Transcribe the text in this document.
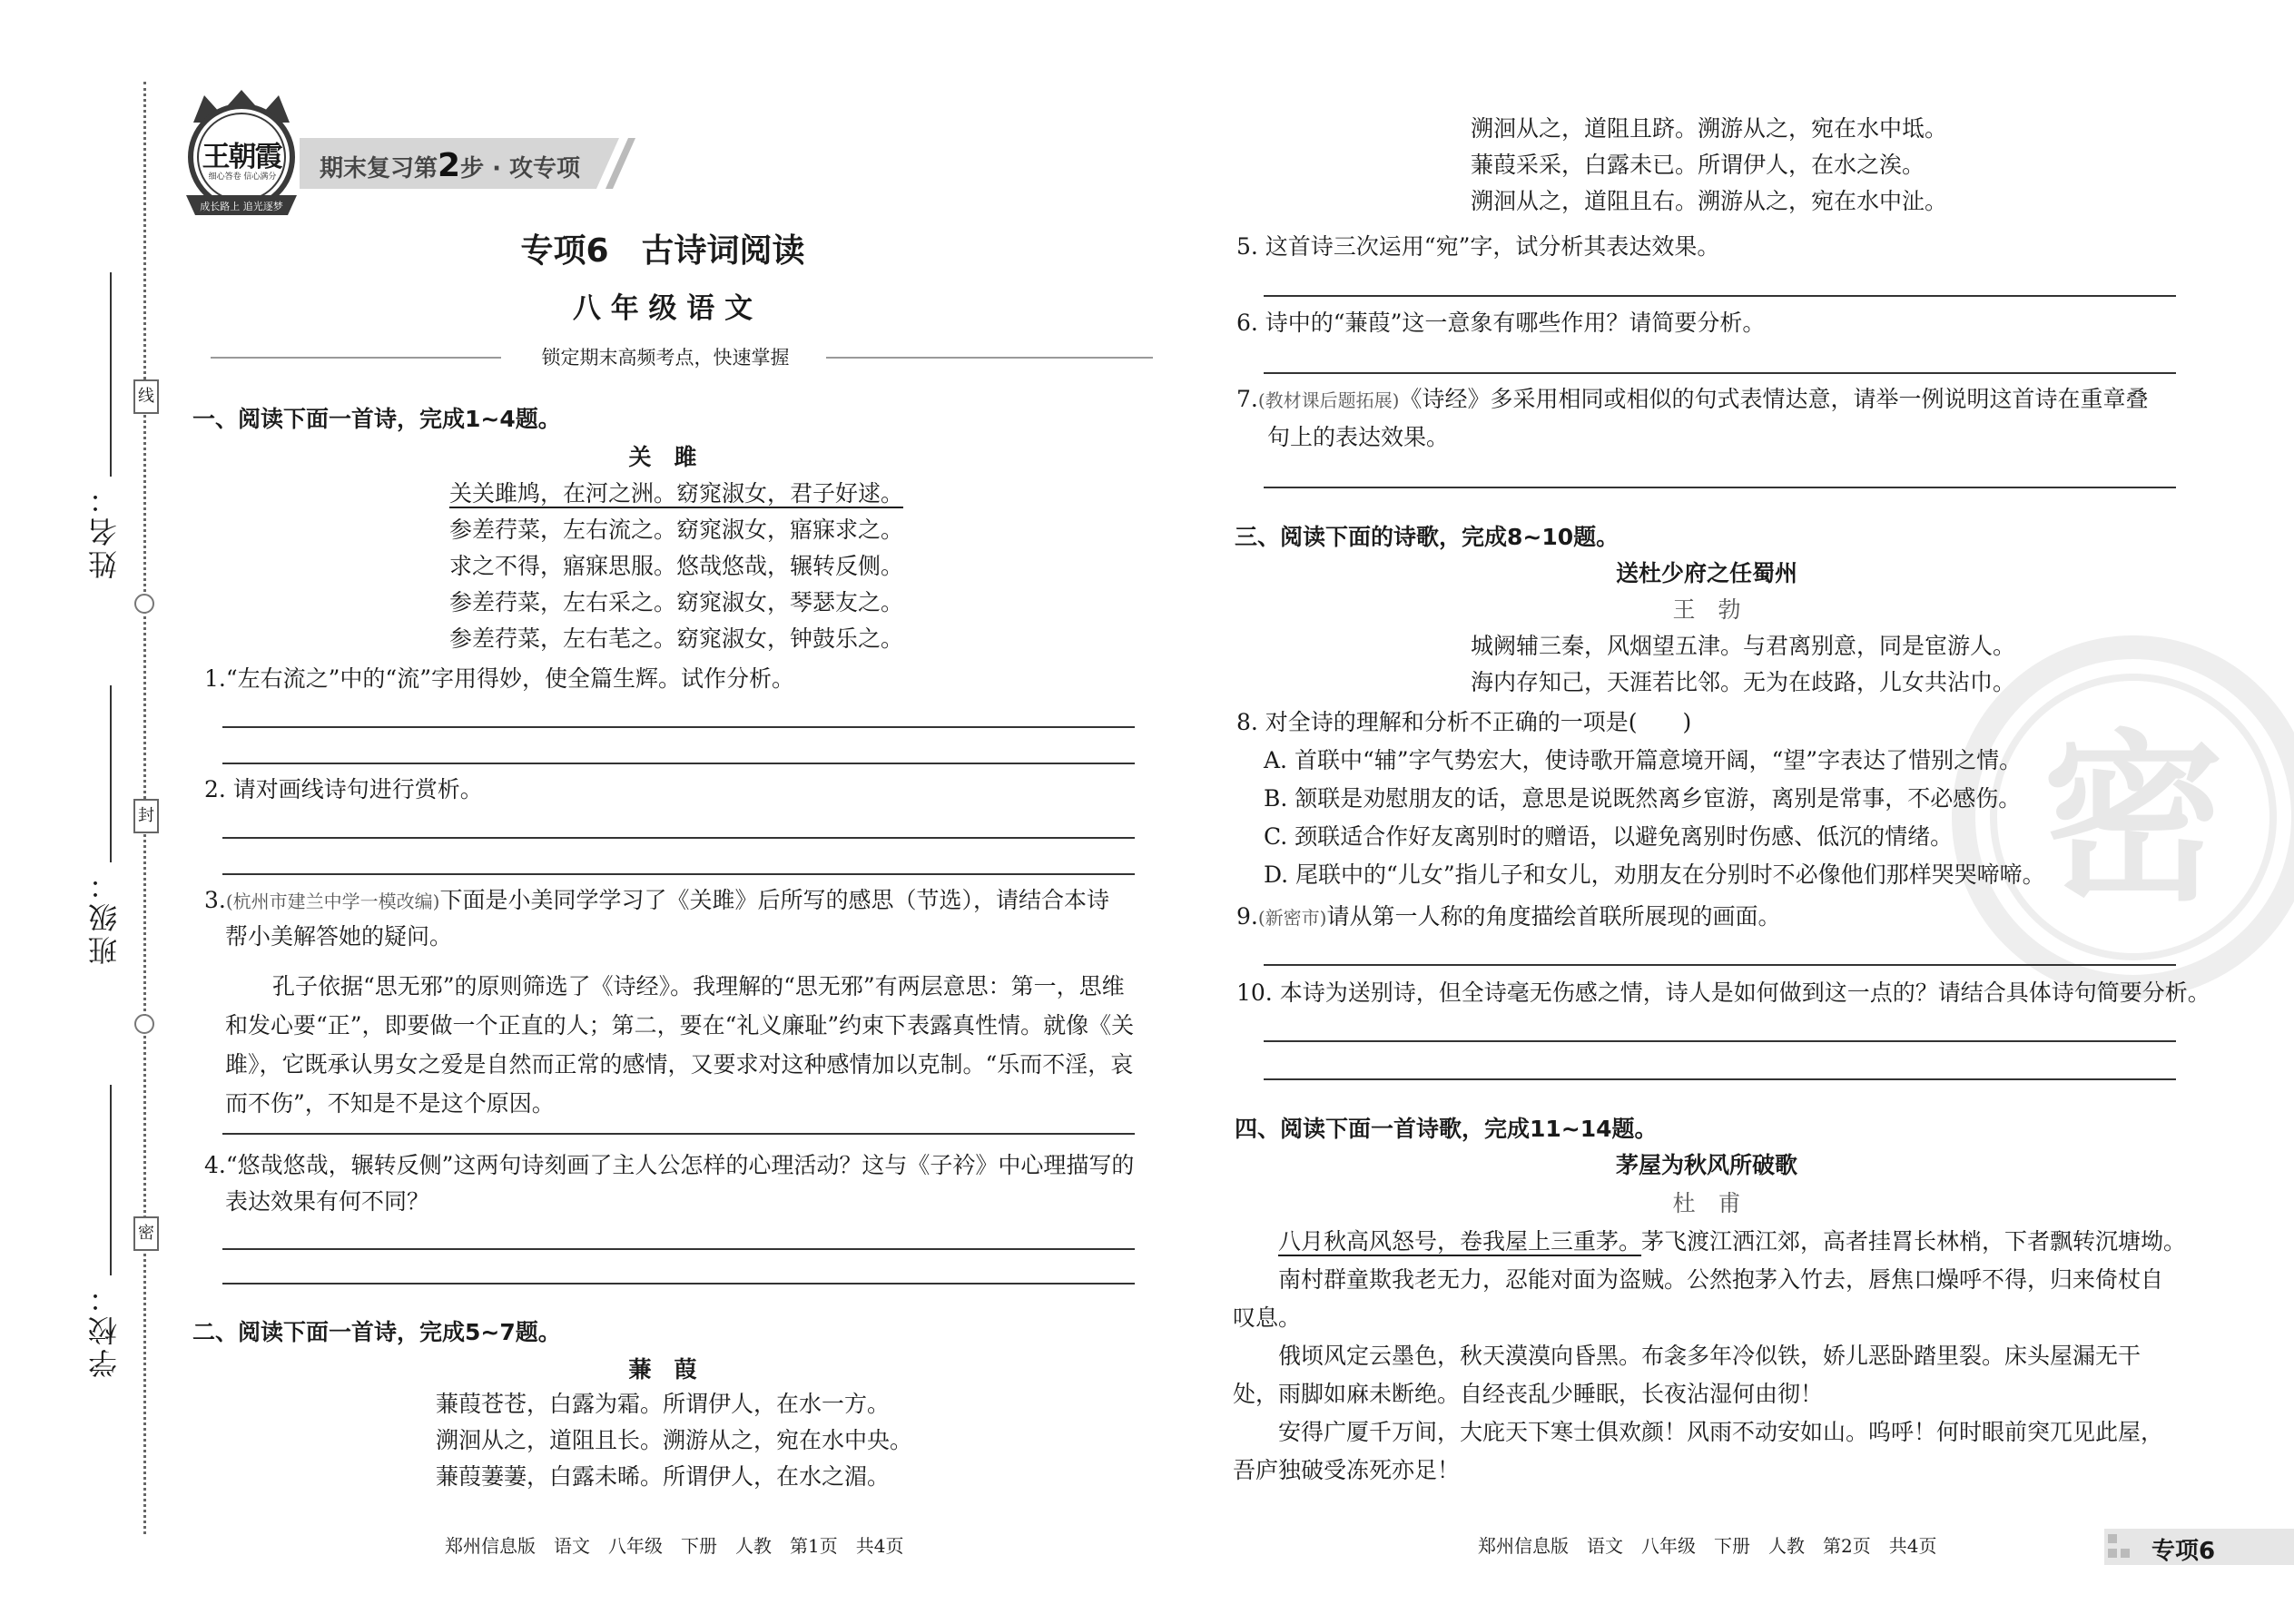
线
封
密
姓名：
班级：
学校：
王朝霞
细心答卷 信心满分
成长路上 追光逐梦
期末复习第2步 · 攻专项
专项6　古诗词阅读
八 年 级 语 文
锁定期末高频考点，快速掌握
一、阅读下面一首诗，完成1~4题。
关　雎
关关雎鸠，在河之洲。窈窕淑女，君子好逑。
参差荇菜，左右流之。窈窕淑女，寤寐求之。
求之不得，寤寐思服。悠哉悠哉，辗转反侧。
参差荇菜，左右采之。窈窕淑女，琴瑟友之。
参差荇菜，左右芼之。窈窕淑女，钟鼓乐之。
1.“左右流之”中的“流”字用得妙，使全篇生辉。试作分析。
2. 请对画线诗句进行赏析。
3.(杭州市建兰中学一模改编)下面是小美同学学习了《关雎》后所写的感思（节选），请结合本诗
帮小美解答她的疑问。
孔子依据“思无邪”的原则筛选了《诗经》。我理解的“思无邪”有两层意思：第一，思维
和发心要“正”，即要做一个正直的人；第二，要在“礼义廉耻”约束下表露真性情。就像《关
雎》，它既承认男女之爱是自然而正常的感情，又要求对这种感情加以克制。“乐而不淫，哀
而不伤”，不知是不是这个原因。
4.“悠哉悠哉，辗转反侧”这两句诗刻画了主人公怎样的心理活动？这与《子衿》中心理描写的
表达效果有何不同？
二、阅读下面一首诗，完成5~7题。
蒹　葭
蒹葭苍苍，白露为霜。所谓伊人，在水一方。
溯洄从之，道阻且长。溯游从之，宛在水中央。
蒹葭萋萋，白露未晞。所谓伊人，在水之湄。
郑州信息版　语文　八年级　下册　人教　第1页　共4页
密
溯洄从之，道阻且跻。溯游从之，宛在水中坻。
蒹葭采采，白露未已。所谓伊人，在水之涘。
溯洄从之，道阻且右。溯游从之，宛在水中沚。
5. 这首诗三次运用“宛”字，试分析其表达效果。
6. 诗中的“蒹葭”这一意象有哪些作用？请简要分析。
7.(教材课后题拓展)《诗经》多采用相同或相似的句式表情达意，请举一例说明这首诗在重章叠
句上的表达效果。
三、阅读下面的诗歌，完成8~10题。
送杜少府之任蜀州
王　勃
城阙辅三秦，风烟望五津。与君离别意，同是宦游人。
海内存知己，天涯若比邻。无为在歧路，儿女共沾巾。
8. 对全诗的理解和分析不正确的一项是(　　)
A. 首联中“辅”字气势宏大，使诗歌开篇意境开阔，“望”字表达了惜别之情。
B. 颔联是劝慰朋友的话，意思是说既然离乡宦游，离别是常事，不必感伤。
C. 颈联适合作好友离别时的赠语，以避免离别时伤感、低沉的情绪。
D. 尾联中的“儿女”指儿子和女儿，劝朋友在分别时不必像他们那样哭哭啼啼。
9.(新密市)请从第一人称的角度描绘首联所展现的画面。
10. 本诗为送别诗，但全诗毫无伤感之情，诗人是如何做到这一点的？请结合具体诗句简要分析。
四、阅读下面一首诗歌，完成11~14题。
茅屋为秋风所破歌
杜　甫
八月秋高风怒号，卷我屋上三重茅。茅飞渡江洒江郊，高者挂罥长林梢，下者飘转沉塘坳。
南村群童欺我老无力，忍能对面为盗贼。公然抱茅入竹去，唇焦口燥呼不得，归来倚杖自
叹息。
俄顷风定云墨色，秋天漠漠向昏黑。布衾多年冷似铁，娇儿恶卧踏里裂。床头屋漏无干
处，雨脚如麻未断绝。自经丧乱少睡眠，长夜沾湿何由彻！
安得广厦千万间，大庇天下寒士俱欢颜！风雨不动安如山。呜呼！何时眼前突兀见此屋，
吾庐独破受冻死亦足！
郑州信息版　语文　八年级　下册　人教　第2页　共4页	专项6
